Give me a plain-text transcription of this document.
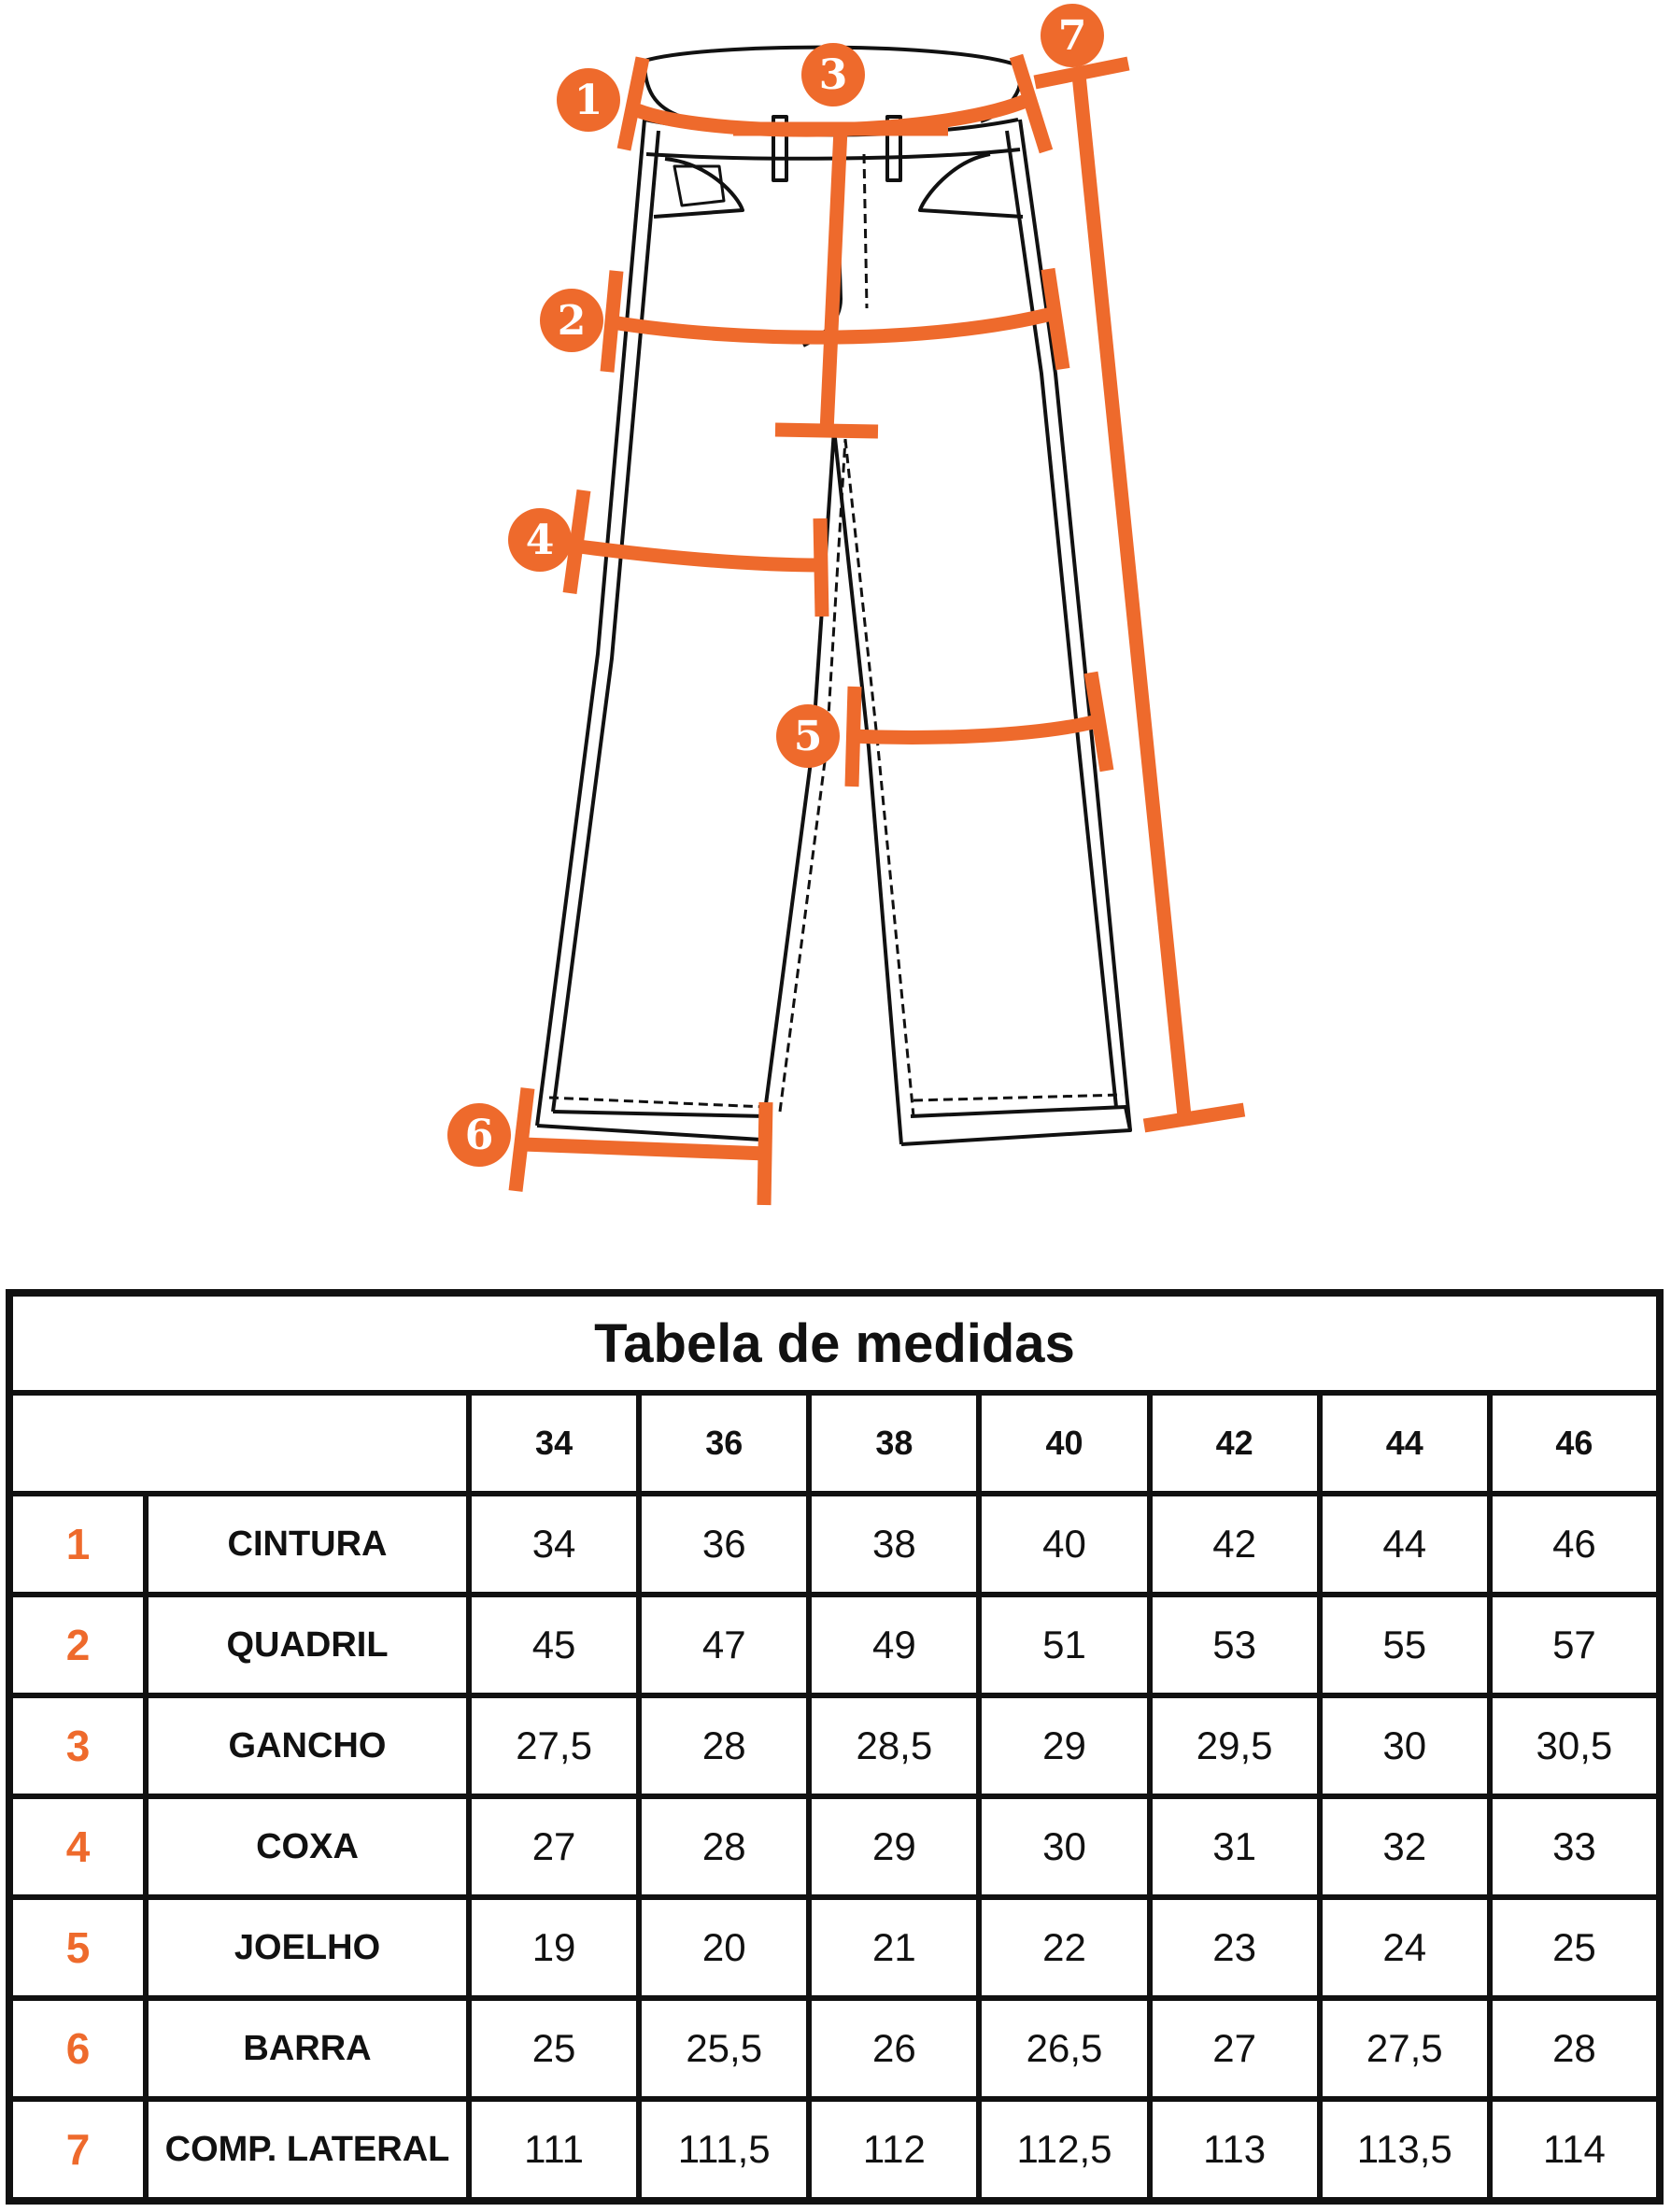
1
2
3
4
5
6
7
Tabela de medidas								
		34	36	38	40	42	44	46
1	CINTURA	34	36	38	40	42	44	46
2	QUADRIL	45	47	49	51	53	55	57
3	GANCHO	27,5	28	28,5	29	29,5	30	30,5
4	COXA	27	28	29	30	31	32	33
5	JOELHO	19	20	21	22	23	24	25
6	BARRA	25	25,5	26	26,5	27	27,5	28
7	COMP. LATERAL	111	111,5	112	112,5	113	113,5	114
